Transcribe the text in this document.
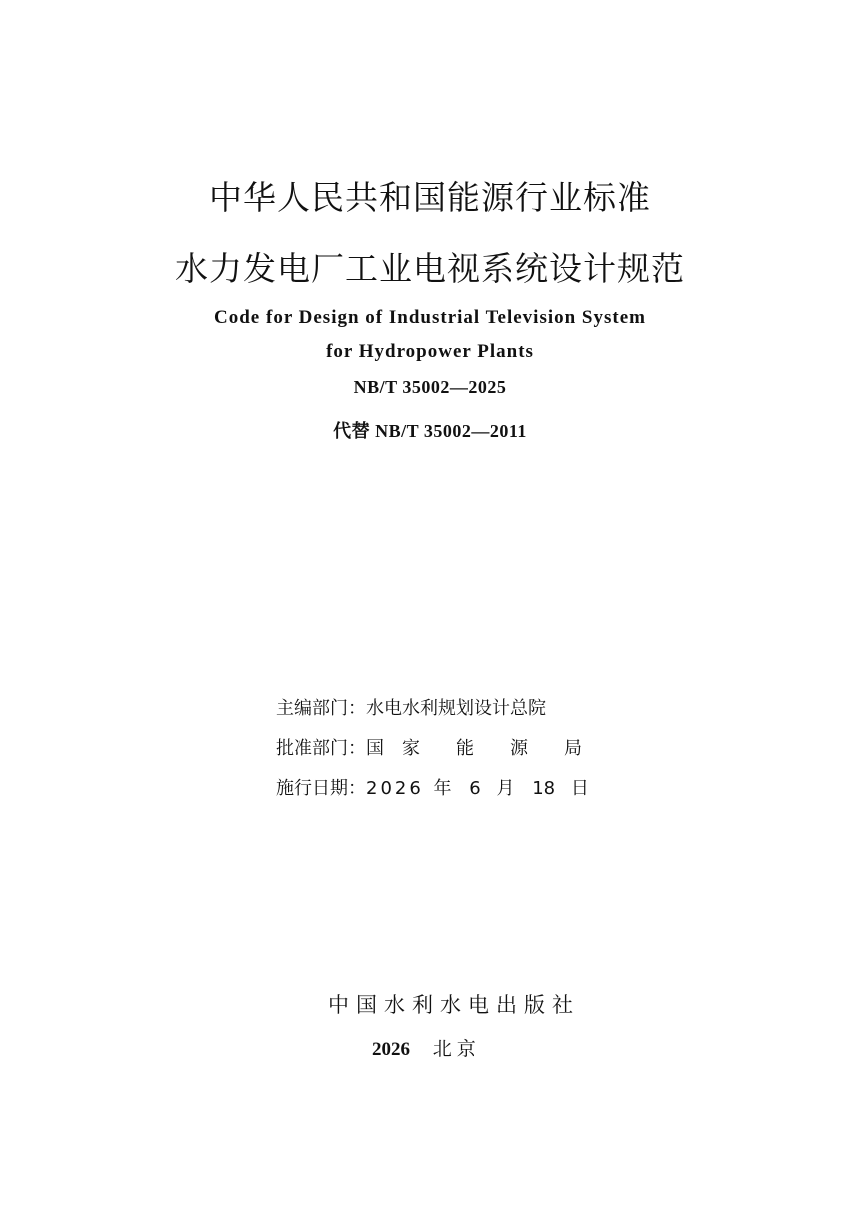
中华人民共和国能源行业标准
水力发电厂工业电视系统设计规范
Code for Design of Industrial Television System
for Hydropower Plants
NB/T 35002—2025
代替 NB/T 35002—2011
主编部门： 水电水利规划设计总院
批准部门： 国 家 能 源 局
施行日期： 2026 年 6 月 18 日
中国水利水电出版社
2026 北京
